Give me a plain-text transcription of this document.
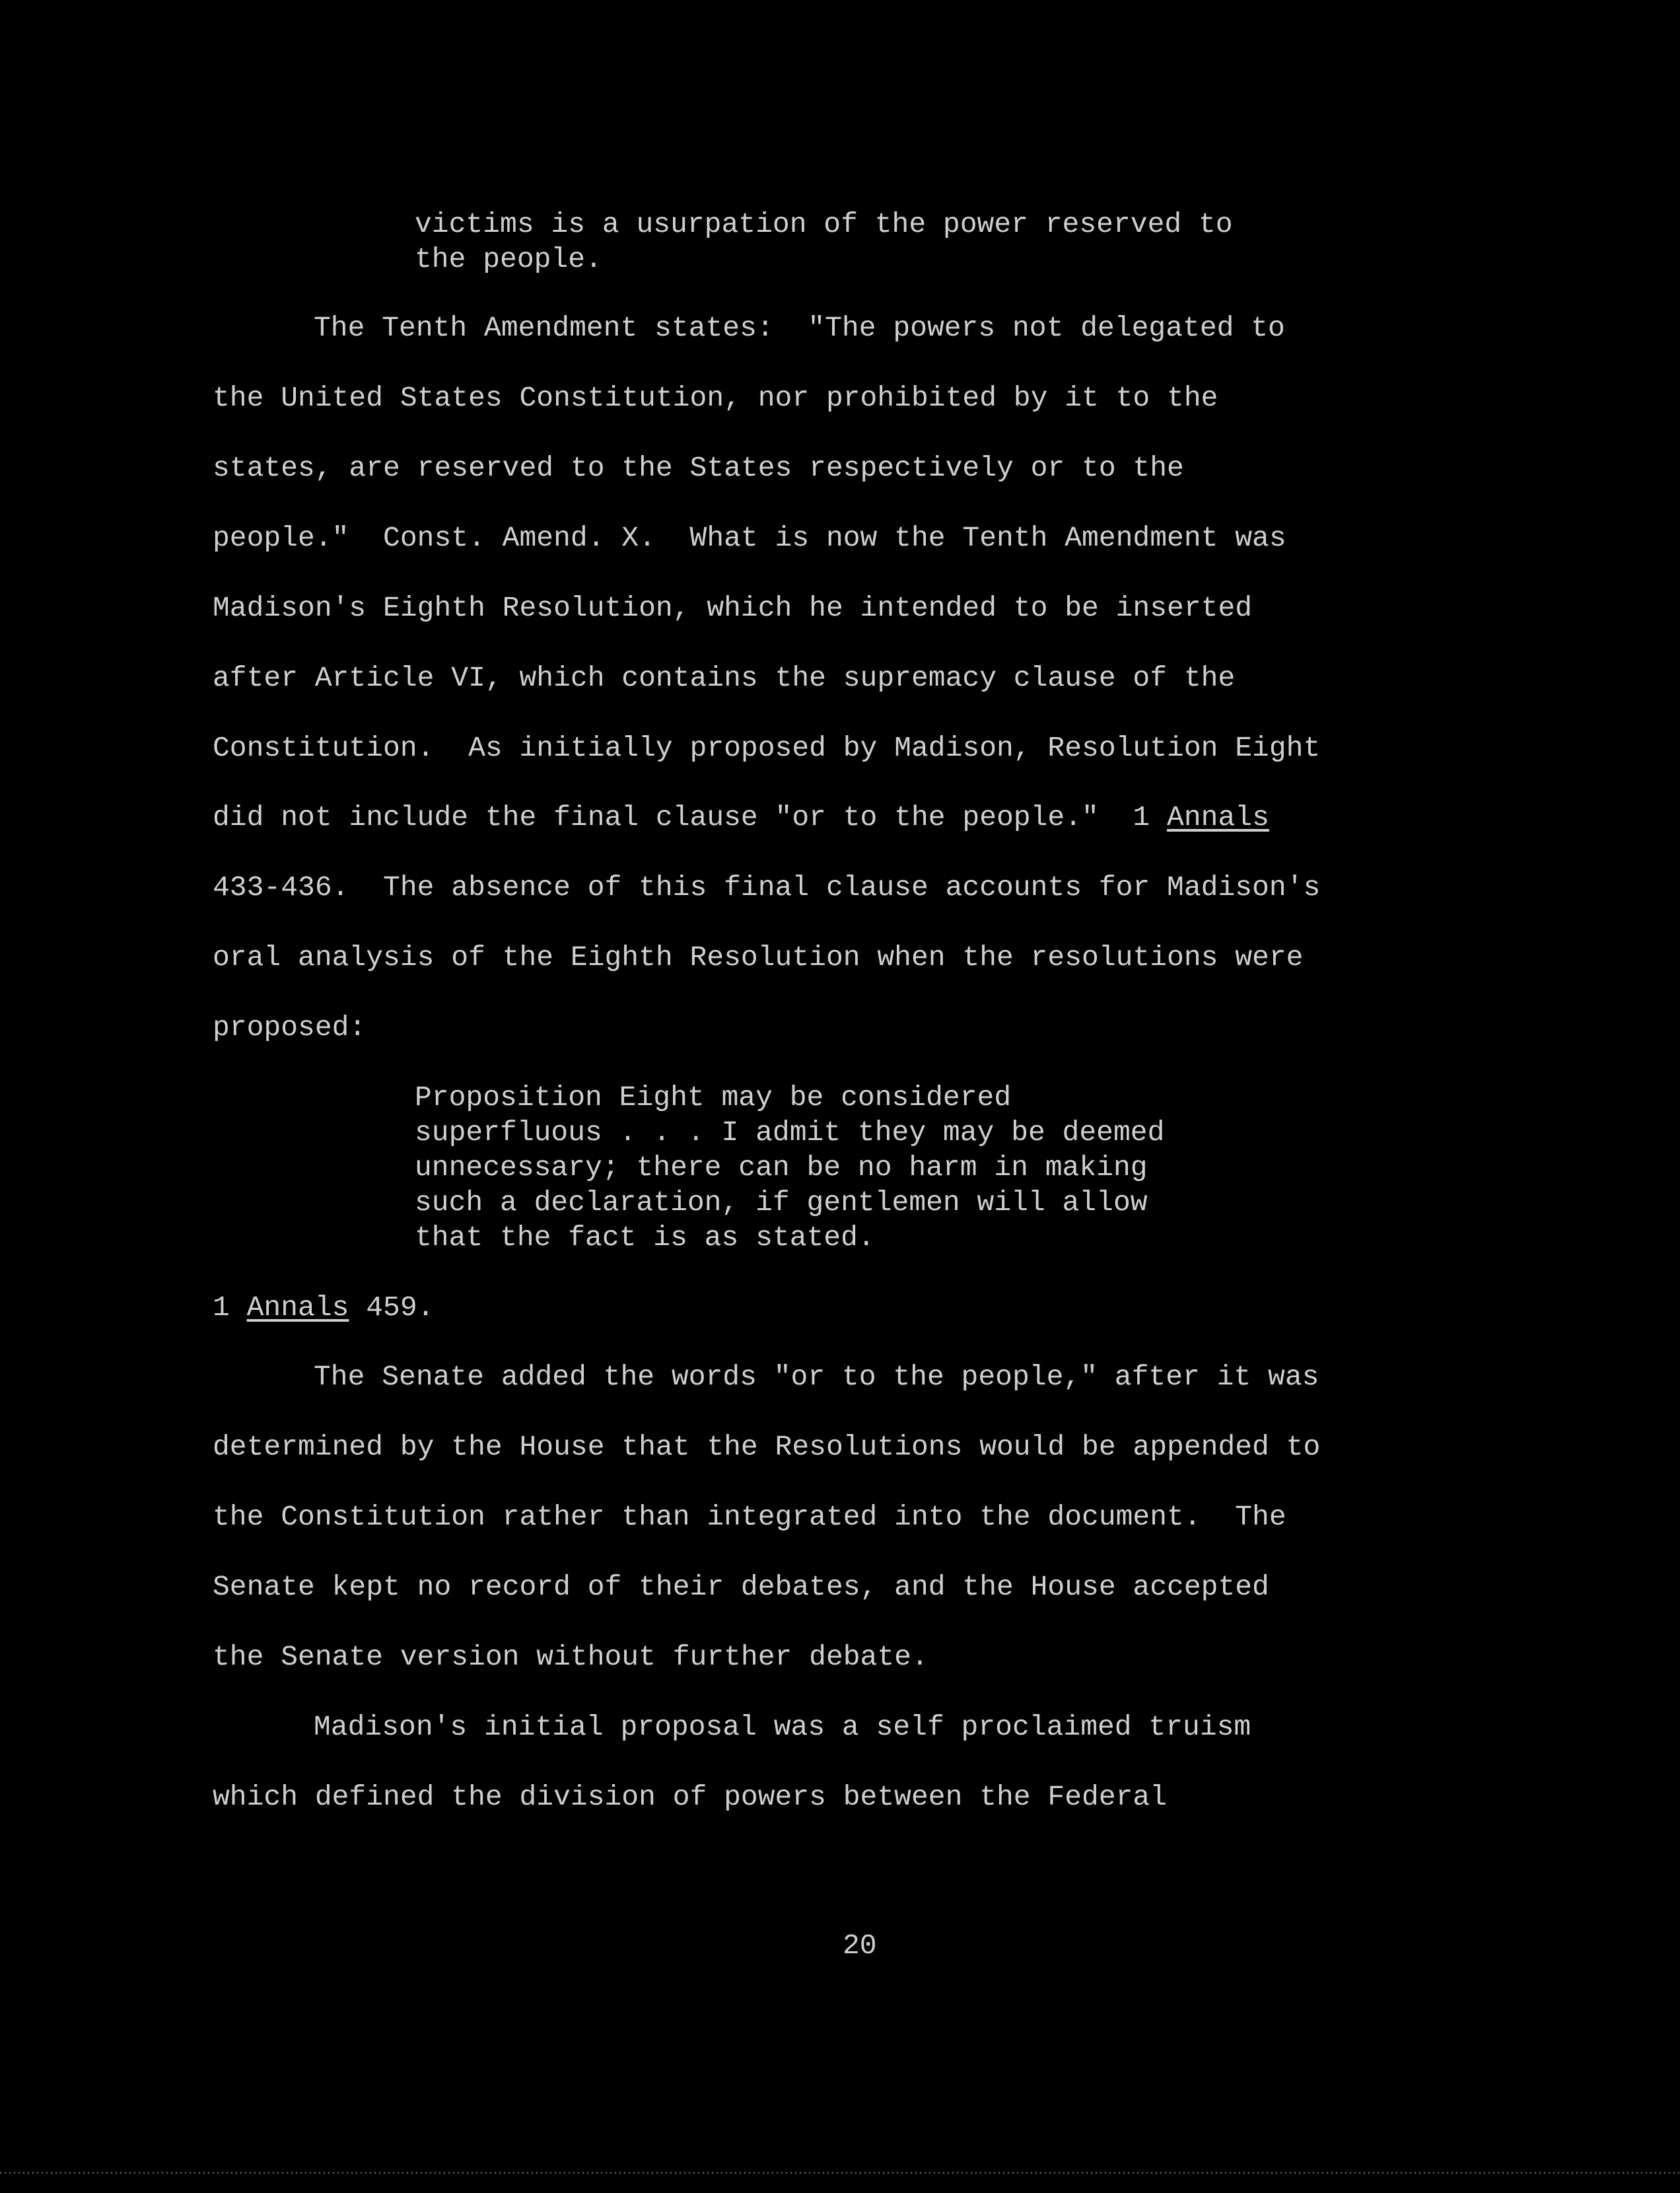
victims is a usurpation of the power reserved to
the people.
The Tenth Amendment states:  "The powers not delegated to
the United States Constitution, nor prohibited by it to the
states, are reserved to the States respectively or to the
people."  Const. Amend. X.  What is now the Tenth Amendment was
Madison's Eighth Resolution, which he intended to be inserted
after Article VI, which contains the supremacy clause of the
Constitution.  As initially proposed by Madison, Resolution Eight
did not include the final clause "or to the people."  1 Annals
433-436.  The absence of this final clause accounts for Madison's
oral analysis of the Eighth Resolution when the resolutions were
proposed:
Proposition Eight may be considered
superfluous . . . I admit they may be deemed
unnecessary; there can be no harm in making
such a declaration, if gentlemen will allow
that the fact is as stated.
1 Annals 459.
The Senate added the words "or to the people," after it was
determined by the House that the Resolutions would be appended to
the Constitution rather than integrated into the document.  The
Senate kept no record of their debates, and the House accepted
the Senate version without further debate.
Madison's initial proposal was a self proclaimed truism
which defined the division of powers between the Federal
20
